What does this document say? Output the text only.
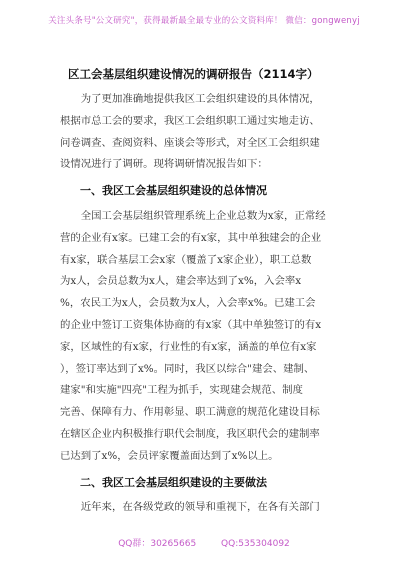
关注头条号"公文研究"，获得最新最全最专业的公文资料库！ 微信：gongwenyj
区工会基层组织建设情况的调研报告（2114字）

　　为了更加准确地提供我区工会组织建设的具体情况，
根据市总工会的要求，我区工会组织职工通过实地走访、
问卷调查、查阅资料、座谈会等形式，对全区工会组织建
设情况进行了调研。现将调研情况报告如下：

一、我区工会基层组织建设的总体情况

　　全国工会基层组织管理系统上企业总数为x家，正常经
营的企业有x家。已建工会的有x家，其中单独建会的企业
有x家，联合基层工会x家（覆盖了x家企业），职工总数
为x人，会员总数为x人，建会率达到了x%，入会率x
%，农民工为x人，会员数为x人，入会率x%。已建工会
的企业中签订工资集体协商的有x家（其中单独签订的有x
家，区域性的有x家，行业性的有x家，涵盖的单位有x家
），签订率达到了x%。同时，我区以综合"建会、建制、
建家"和实施"四亮"工程为抓手，实现建会规范、制度
完善、保障有力、作用彰显、职工满意的规范化建设目标
在辖区企业内积极推行职代会制度，我区职代会的建制率
已达到了x%，会员评家覆盖面达到了x%以上。

二、我区工会基层组织建设的主要做法

　　近年来，在各级党政的领导和重视下，在各有关部门

QQ群：30265665	QQ:535304092
